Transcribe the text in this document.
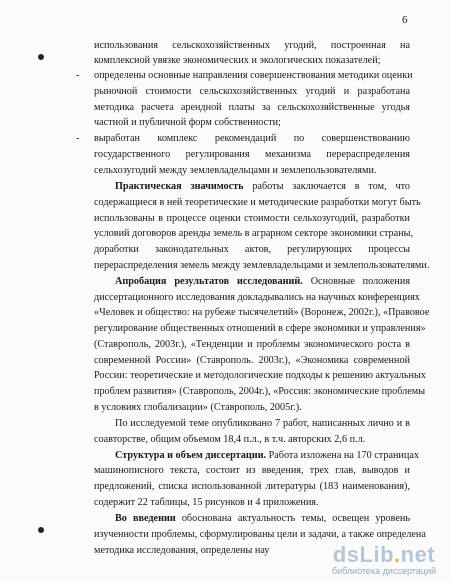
6
использования сельскохозяйственных угодий, построенная на
комплексной увязке экономических и экологических показателей;
- определены основные направления совершенствования методики оценки
рыночной стоимости сельскохозяйственных угодий и разработана
методика расчета арендной платы за сельскохозяйственные угодья
частной и публичной форм собственности;
- выработан комплекс рекомендаций по совершенствованию
государственного регулирования механизма перераспределения
сельхозугодий между землевладельцами и землепользователями.
Практическая значимость работы заключается в том, что
содержащиеся в ней теоретические и методические разработки могут быть
использованы в процессе оценки стоимости сельхозугодий, разработки
условий договоров аренды земель в аграрном секторе экономики страны,
доработки законодательных актов, регулирующих процессы
перераспределения земель между землевладельцами и землепользователями.
Апробация результатов исследований. Основные положения
диссертационного исследования докладывались на научных конференциях
«Человек и общество: на рубеже тысячелетий» (Воронеж, 2002г.), «Правовое
регулирование общественных отношений в сфере экономики и управления»
(Ставрополь, 2003г.), «Тенденции и проблемы экономического роста в
современной России» (Ставрополь. 2003г.), «Экономика современной
России: теоретические и методологические подходы к решению актуальных
проблем развития» (Ставрополь, 2004г.), «Россия: экономические проблемы
в условиях глобализации» (Ставрополь, 2005г.).
По исследуемой теме опубликовано 7 работ, написанных лично и в
соавторстве, общим объемом 18,4 п.л., в т.ч. авторских 2,6 п.л.
Структура и объем диссертации. Работа изложена на 170 страницах
машинописного текста, состоит из введения, трех глав, выводов и
предложений, списка использованной литературы (183 наименования),
содержит 22 таблицы, 15 рисунков и 4 приложения.
Во введении обоснована актуальность темы, освещен уровень
изученности проблемы, сформулированы цели и задачи, а также определена
методика исследования, определены нау	dsLib.net
библиотека диссертаций
